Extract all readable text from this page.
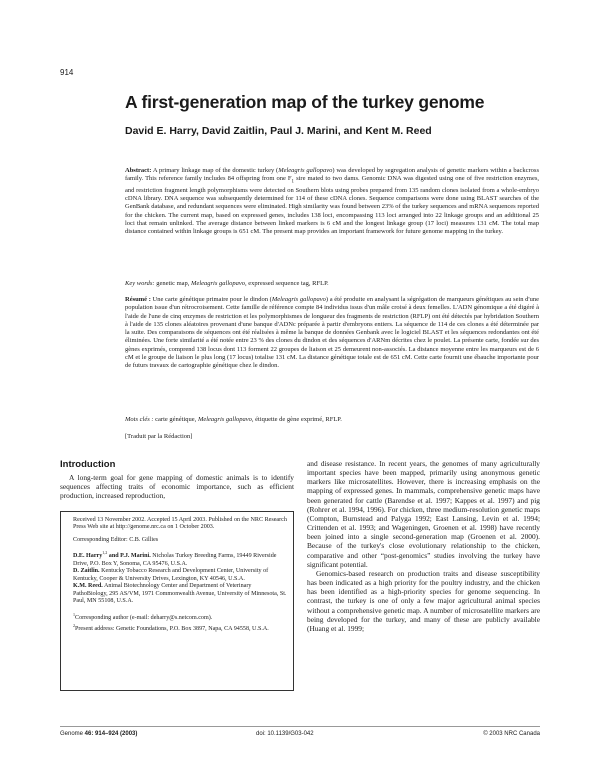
914
A first-generation map of the turkey genome
David E. Harry, David Zaitlin, Paul J. Marini, and Kent M. Reed
Abstract: A primary linkage map of the domestic turkey (Meleagris gallopavo) was developed by segregation analysis of genetic markers within a backcross family. This reference family includes 84 offspring from one $F_1$ sire mated to two dams. Genomic DNA was digested using one of five restriction enzymes, and restriction fragment length polymorphisms were detected on Southern blots using probes prepared from 135 random clones isolated from a whole-embryo cDNA library. DNA sequence was subsequently determined for 114 of these cDNA clones. Sequence comparisons were done using BLAST searches of the GenBank database, and redundant sequences were eliminated. High similarity was found between 23% of the turkey sequences and mRNA sequences reported for the chicken. The current map, based on expressed genes, includes 138 loci, encompassing 113 loci arranged into 22 linkage groups and an additional 25 loci that remain unlinked. The average distance between linked markers is 6 cM and the longest linkage group (17 loci) measures 131 cM. The total map distance contained within linkage groups is 651 cM. The present map provides an important framework for future genome mapping in the turkey.
Key words: genetic map, Meleagris gallopavo, expressed sequence tag, RFLP.
Résumé : Une carte génétique primaire pour le dindon (Meleagris gallopavo) a été produite en analysant la ségrégation de marqueurs génétiques au sein d'une population issue d'un rétrocroisement. Cette famille de référence compte 84 individus issus d'un mâle croisé à deux femelles. L'ADN génomique a été digéré à l'aide de l'une de cinq enzymes de restriction et les polymorphismes de longueur des fragments de restriction (RFLP) ont été détectés par hybridation Southern à l'aide de 135 clones aléatoires provenant d'une banque d'ADNc préparée à partir d'embryons entiers. La séquence de 114 de ces clones a été déterminée par la suite. Des comparaisons de séquences ont été réalisées à même la banque de données Genbank avec le logiciel BLAST et les séquences redondantes ont été éliminées. Une forte similarité a été notée entre 23 % des clones du dindon et des séquences d'ARNm décrites chez le poulet. La présente carte, fondée sur des gènes exprimés, comprend 138 locus dont 113 forment 22 groupes de liaison et 25 demeurent non-associés. La distance moyenne entre les marqueurs est de 6 cM et le groupe de liaison le plus long (17 locus) totalise 131 cM. La distance génétique totale est de 651 cM. Cette carte fournit une ébauche importante pour de futurs travaux de cartographie génétique chez le dindon.
Mots clés : carte génétique, Meleagris gallopavo, étiquette de gène exprimé, RFLP.
[Traduit par la Rédaction]
Introduction
A long-term goal for gene mapping of domestic animals is to identify sequences affecting traits of economic importance, such as efficient production, increased reproduction,
Received 13 November 2002. Accepted 15 April 2003. Published on the NRC Research Press Web site at http://genome.nrc.ca on 1 October 2003.
Corresponding Editor: C.B. Gillies
D.E. Harry$^{1,2}$ and P.J. Marini. Nicholas Turkey Breeding Farms, 19449 Riverside Drive, P.O. Box Y, Sonoma, CA 95476, U.S.A.
D. Zaitlin. Kentucky Tobacco Research and Development Center, University of Kentucky, Cooper & University Drives, Lexington, KY 40546, U.S.A.
K.M. Reed. Animal Biotechnology Center and Department of Veterinary PathoBiology, 295 AS/VM, 1971 Commonwealth Avenue, University of Minnesota, St. Paul, MN 55108, U.S.A.
$^1$Corresponding author (e-mail: deharry@s.netcom.com).
$^2$Present address: Genetic Foundations, P.O. Box 3897, Napa, CA 94558, U.S.A.

and disease resistance. In recent years, the genomes of many agriculturally important species have been mapped, primarily using anonymous genetic markers like microsatellites. However, there is increasing emphasis on the mapping of expressed genes. In mammals, comprehensive genetic maps have been generated for cattle (Barendse et al. 1997; Kappes et al. 1997) and pig (Rohrer et al. 1994, 1996). For chicken, three medium-resolution genetic maps (Compton, Burnstead and Palyga 1992; East Lansing, Levin et al. 1994; Crittenden et al. 1993; and Wageningen, Groenen et al. 1998) have recently been joined into a single second-generation map (Groenen et al. 2000). Because of the turkey's close evolutionary relationship to the chicken, comparative and other “post-genomics” studies involving the turkey have significant potential.

Genomics-based research on production traits and disease susceptibility has been indicated as a high priority for the poultry industry, and the chicken has been identified as a high-priority species for genome sequencing. In contrast, the turkey is one of only a few major agricultural animal species without a comprehensive genetic map. A number of microsatellite markers are being developed for the turkey, and many of these are publicly available (Huang et al. 1999;

Genome 46: 914–924 (2003)	doi: 10.1139/G03-042	© 2003 NRC Canada
